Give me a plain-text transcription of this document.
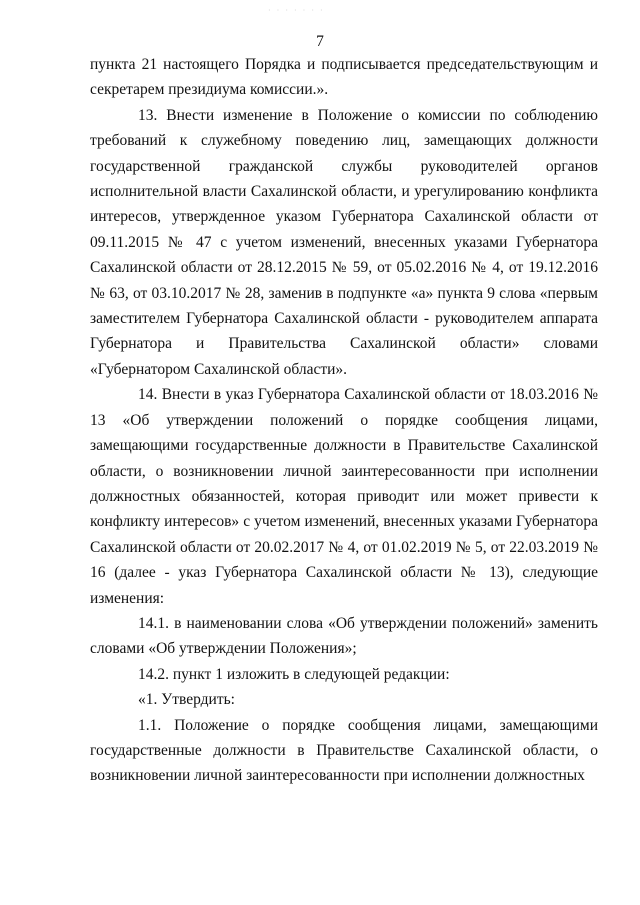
· · · · · · ·
7

пункта 21 настоящего Порядка и подписывается председательствующим и секретарем президиума комиссии.».

13. Внести изменение в Положение о комиссии по соблюдению требований к служебному поведению лиц, замещающих должности государственной гражданской службы руководителей органов исполнительной власти Сахалинской области, и урегулированию конфликта интересов, утвержденное указом Губернатора Сахалинской области от 09.11.2015 № 47 с учетом изменений, внесенных указами Губернатора Сахалинской области от 28.12.2015 № 59, от 05.02.2016 № 4, от 19.12.2016 № 63, от 03.10.2017 № 28, заменив в подпункте «а» пункта 9 слова «первым заместителем Губернатора Сахалинской области - руководителем аппарата Губернатора и Правительства Сахалинской области» словами «Губернатором Сахалинской области».

14. Внести в указ Губернатора Сахалинской области от 18.03.2016 № 13 «Об утверждении положений о порядке сообщения лицами, замещающими государственные должности в Правительстве Сахалинской области, о возникновении личной заинтересованности при исполнении должностных обязанностей, которая приводит или может привести к конфликту интересов» с учетом изменений, внесенных указами Губернатора Сахалинской области от 20.02.2017 № 4, от 01.02.2019 № 5, от 22.03.2019 № 16 (далее - указ Губернатора Сахалинской области № 13), следующие изменения:

14.1. в наименовании слова «Об утверждении положений» заменить словами «Об утверждении Положения»;

14.2. пункт 1 изложить в следующей редакции:

«1. Утвердить:

1.1. Положение о порядке сообщения лицами, замещающими государственные должности в Правительстве Сахалинской области, о возникновении личной заинтересованности при исполнении должностных
